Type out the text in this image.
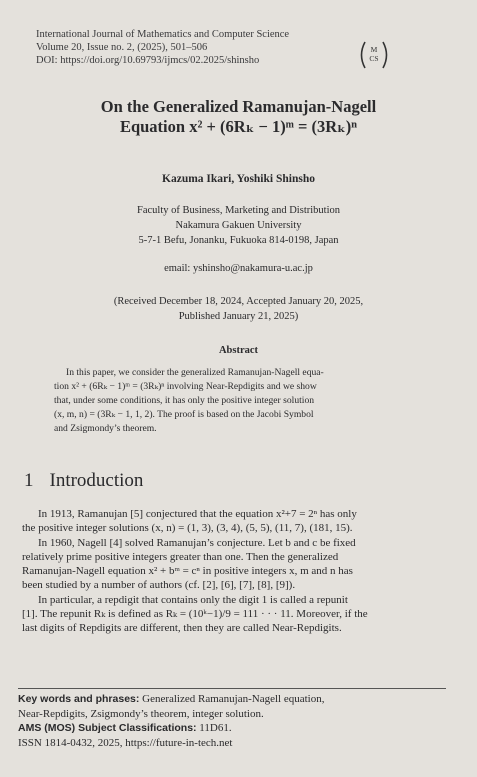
International Journal of Mathematics and Computer Science
Volume 20, Issue no. 2, (2025), 501–506
DOI: https://doi.org/10.69793/ijmcs/02.2025/shinsho
M
CS
On the Generalized Ramanujan-Nagell
Equation x² + (6Rₖ − 1)ᵐ = (3Rₖ)ⁿ
Kazuma Ikari, Yoshiki Shinsho
Faculty of Business, Marketing and Distribution
Nakamura Gakuen University
5-7-1 Befu, Jonanku, Fukuoka 814-0198, Japan
email: yshinsho@nakamura-u.ac.jp
(Received December 18, 2024, Accepted January 20, 2025,
Published January 21, 2025)
Abstract
In this paper, we consider the generalized Ramanujan-Nagell equa-
tion x² + (6Rₖ − 1)ᵐ = (3Rₖ)ⁿ involving Near-Repdigits and we show
that, under some conditions, it has only the positive integer solution
(x, m, n) = (3Rₖ − 1, 1, 2). The proof is based on the Jacobi Symbol
and Zsigmondy’s theorem.
1 Introduction
In 1913, Ramanujan [5] conjectured that the equation x²+7 = 2ⁿ has only
the positive integer solutions (x, n) = (1, 3), (3, 4), (5, 5), (11, 7), (181, 15).
In 1960, Nagell [4] solved Ramanujan’s conjecture. Let b and c be fixed
relatively prime positive integers greater than one. Then the generalized
Ramanujan-Nagell equation x² + bᵐ = cⁿ in positive integers x, m and n has
been studied by a number of authors (cf. [2], [6], [7], [8], [9]).
In particular, a repdigit that contains only the digit 1 is called a repunit
[1]. The repunit Rₖ is defined as Rₖ = (10ᵏ−1)/9 = 111 · · · 11. Moreover, if the
last digits of Repdigits are different, then they are called Near-Repdigits.
Key words and phrases: Generalized Ramanujan-Nagell equation,
Near-Repdigits, Zsigmondy’s theorem, integer solution.
AMS (MOS) Subject Classifications: 11D61.
ISSN 1814-0432, 2025, https://future-in-tech.net
